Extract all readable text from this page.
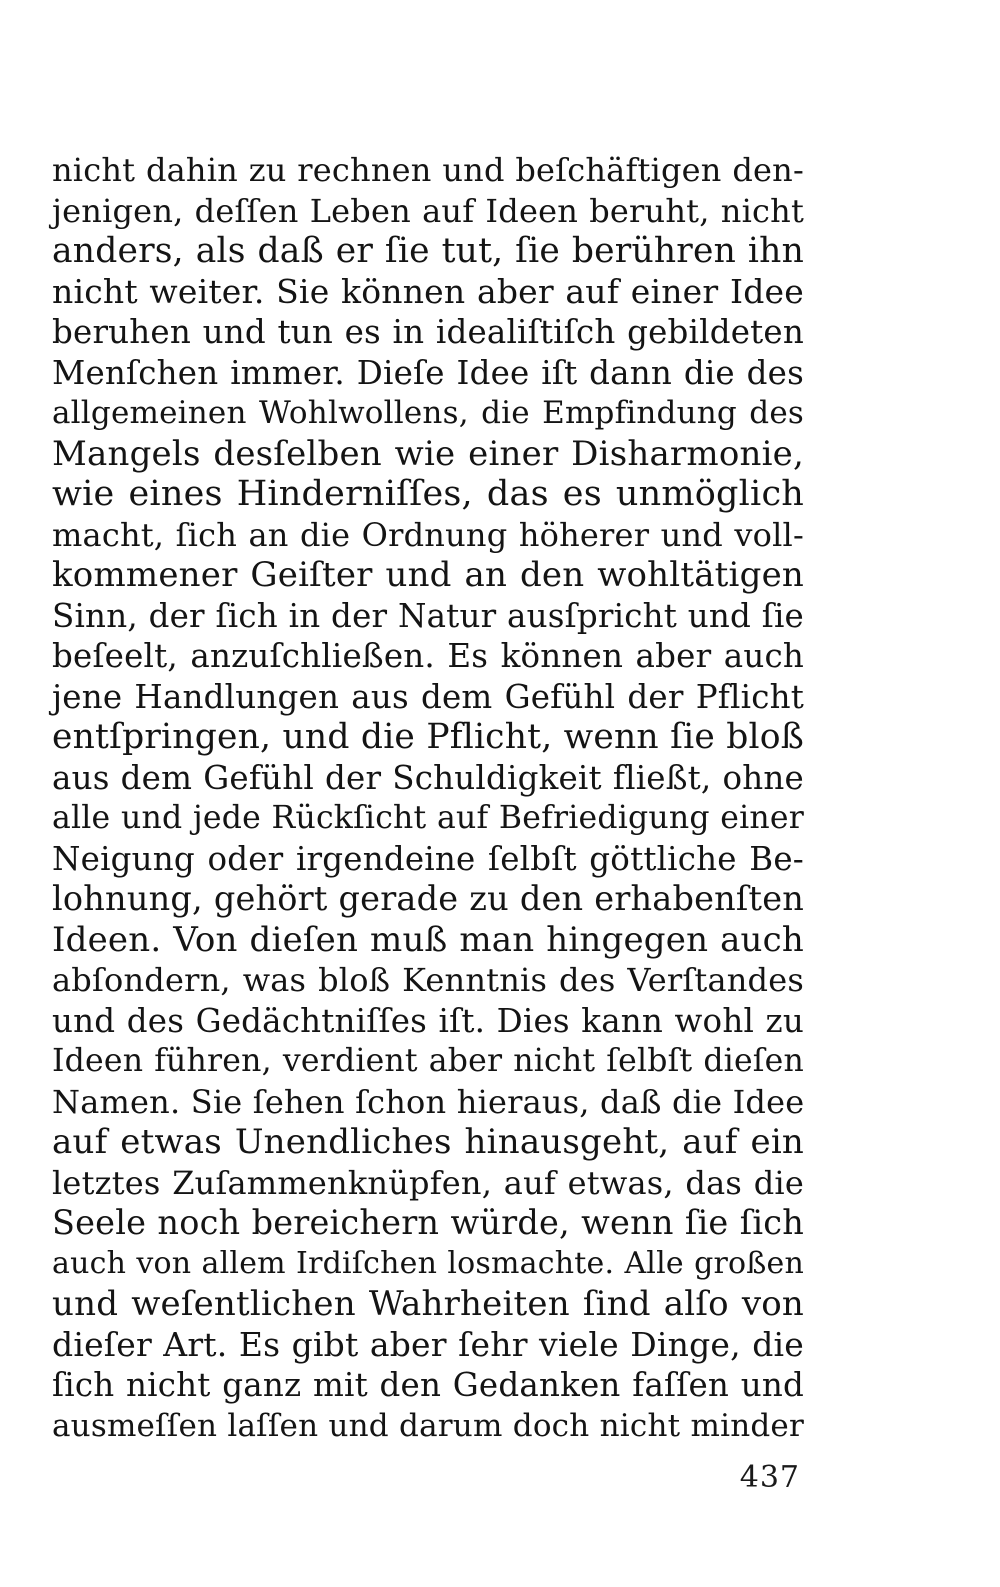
nicht dahin zu rechnen und beſchäftigen den-
jenigen, deſſen Leben auf Ideen beruht, nicht
anders, als daß er ſie tut, ſie berühren ihn
nicht weiter. Sie können aber auf einer Idee
beruhen und tun es in idealiſtiſch gebildeten
Menſchen immer. Dieſe Idee iſt dann die des
allgemeinen Wohlwollens, die Empfindung des
Mangels desſelben wie einer Disharmonie,
wie eines Hinderniſſes, das es unmöglich
macht, ſich an die Ordnung höherer und voll-
kommener Geiſter und an den wohltätigen
Sinn, der ſich in der Natur ausſpricht und ſie
beſeelt, anzuſchließen. Es können aber auch
jene Handlungen aus dem Gefühl der Pflicht
entſpringen, und die Pflicht, wenn ſie bloß
aus dem Gefühl der Schuldigkeit fließt, ohne
alle und jede Rückſicht auf Befriedigung einer
Neigung oder irgendeine ſelbſt göttliche Be-
lohnung, gehört gerade zu den erhabenſten
Ideen. Von dieſen muß man hingegen auch
abſondern, was bloß Kenntnis des Verſtandes
und des Gedächtniſſes iſt. Dies kann wohl zu
Ideen führen, verdient aber nicht ſelbſt dieſen
Namen. Sie ſehen ſchon hieraus, daß die Idee
auf etwas Unendliches hinausgeht, auf ein
letztes Zuſammenknüpfen, auf etwas, das die
Seele noch bereichern würde, wenn ſie ſich
auch von allem Irdiſchen losmachte. Alle großen
und weſentlichen Wahrheiten ſind alſo von
dieſer Art. Es gibt aber ſehr viele Dinge, die
ſich nicht ganz mit den Gedanken faſſen und
ausmeſſen laſſen und darum doch nicht minder
437
